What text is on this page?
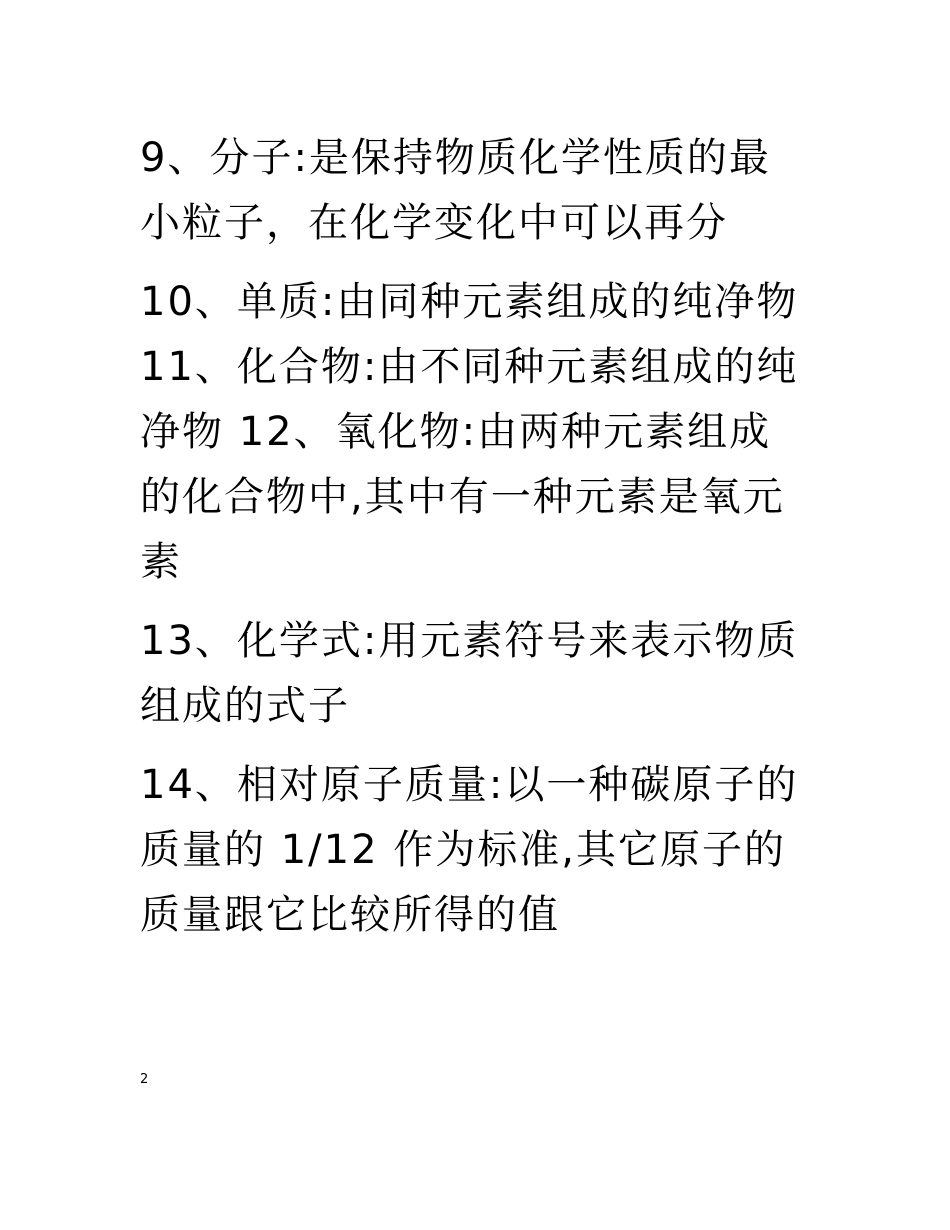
9、分子:是保持物质化学性质的最小粒子，在化学变化中可以再分

10、单质:由同种元素组成的纯净物 11、化合物:由不同种元素组成的纯净物 12、氧化物:由两种元素组成的化合物中,其中有一种元素是氧元素

13、化学式:用元素符号来表示物质组成的式子

14、相对原子质量:以一种碳原子的质量的 1/12 作为标准,其它原子的质量跟它比较所得的值

2
